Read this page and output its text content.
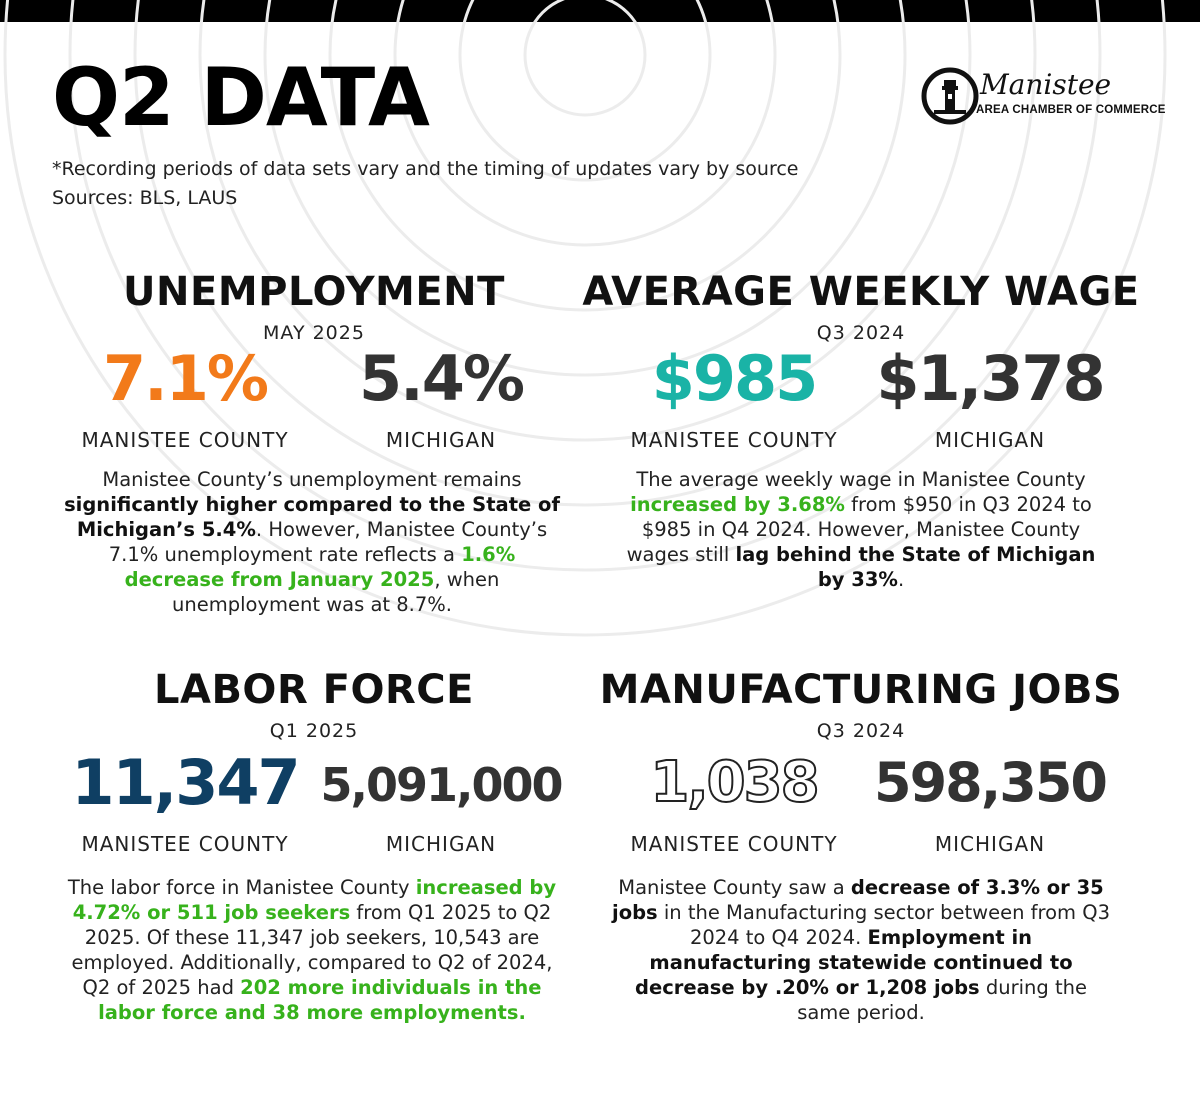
Q2 DATA
*Recording periods of data sets vary and the timing of updates vary by source
Sources: BLS, LAUS
Manistee
AREA CHAMBER OF COMMERCE
UNEMPLOYMENT
MAY 2025
7.1%
MANISTEE COUNTY
5.4%
MICHIGAN
Manistee County’s unemployment remains significantly higher compared to the State of Michigan’s 5.4%. However, Manistee County’s 7.1% unemployment rate reflects a 1.6% decrease from January 2025, when unemployment was at 8.7%.
AVERAGE WEEKLY WAGE
Q3 2024
$985
MANISTEE COUNTY
$1,378
MICHIGAN
The average weekly wage in Manistee County increased by 3.68% from $950 in Q3 2024 to $985 in Q4 2024. However, Manistee County wages still lag behind the State of Michigan by 33%.
LABOR FORCE
Q1 2025
11,347
MANISTEE COUNTY
5,091,000
MICHIGAN
The labor force in Manistee County increased by 4.72% or 511 job seekers from Q1 2025 to Q2 2025. Of these 11,347 job seekers, 10,543 are employed. Additionally, compared to Q2 of 2024, Q2 of 2025 had 202 more individuals in the labor force and 38 more employments.
MANUFACTURING JOBS
Q3 2024
1,038
MANISTEE COUNTY
598,350
MICHIGAN
Manistee County saw a decrease of 3.3% or 35 jobs in the Manufacturing sector between from Q3 2024 to Q4 2024. Employment in manufacturing statewide continued to decrease by .20% or 1,208 jobs during the same period.
